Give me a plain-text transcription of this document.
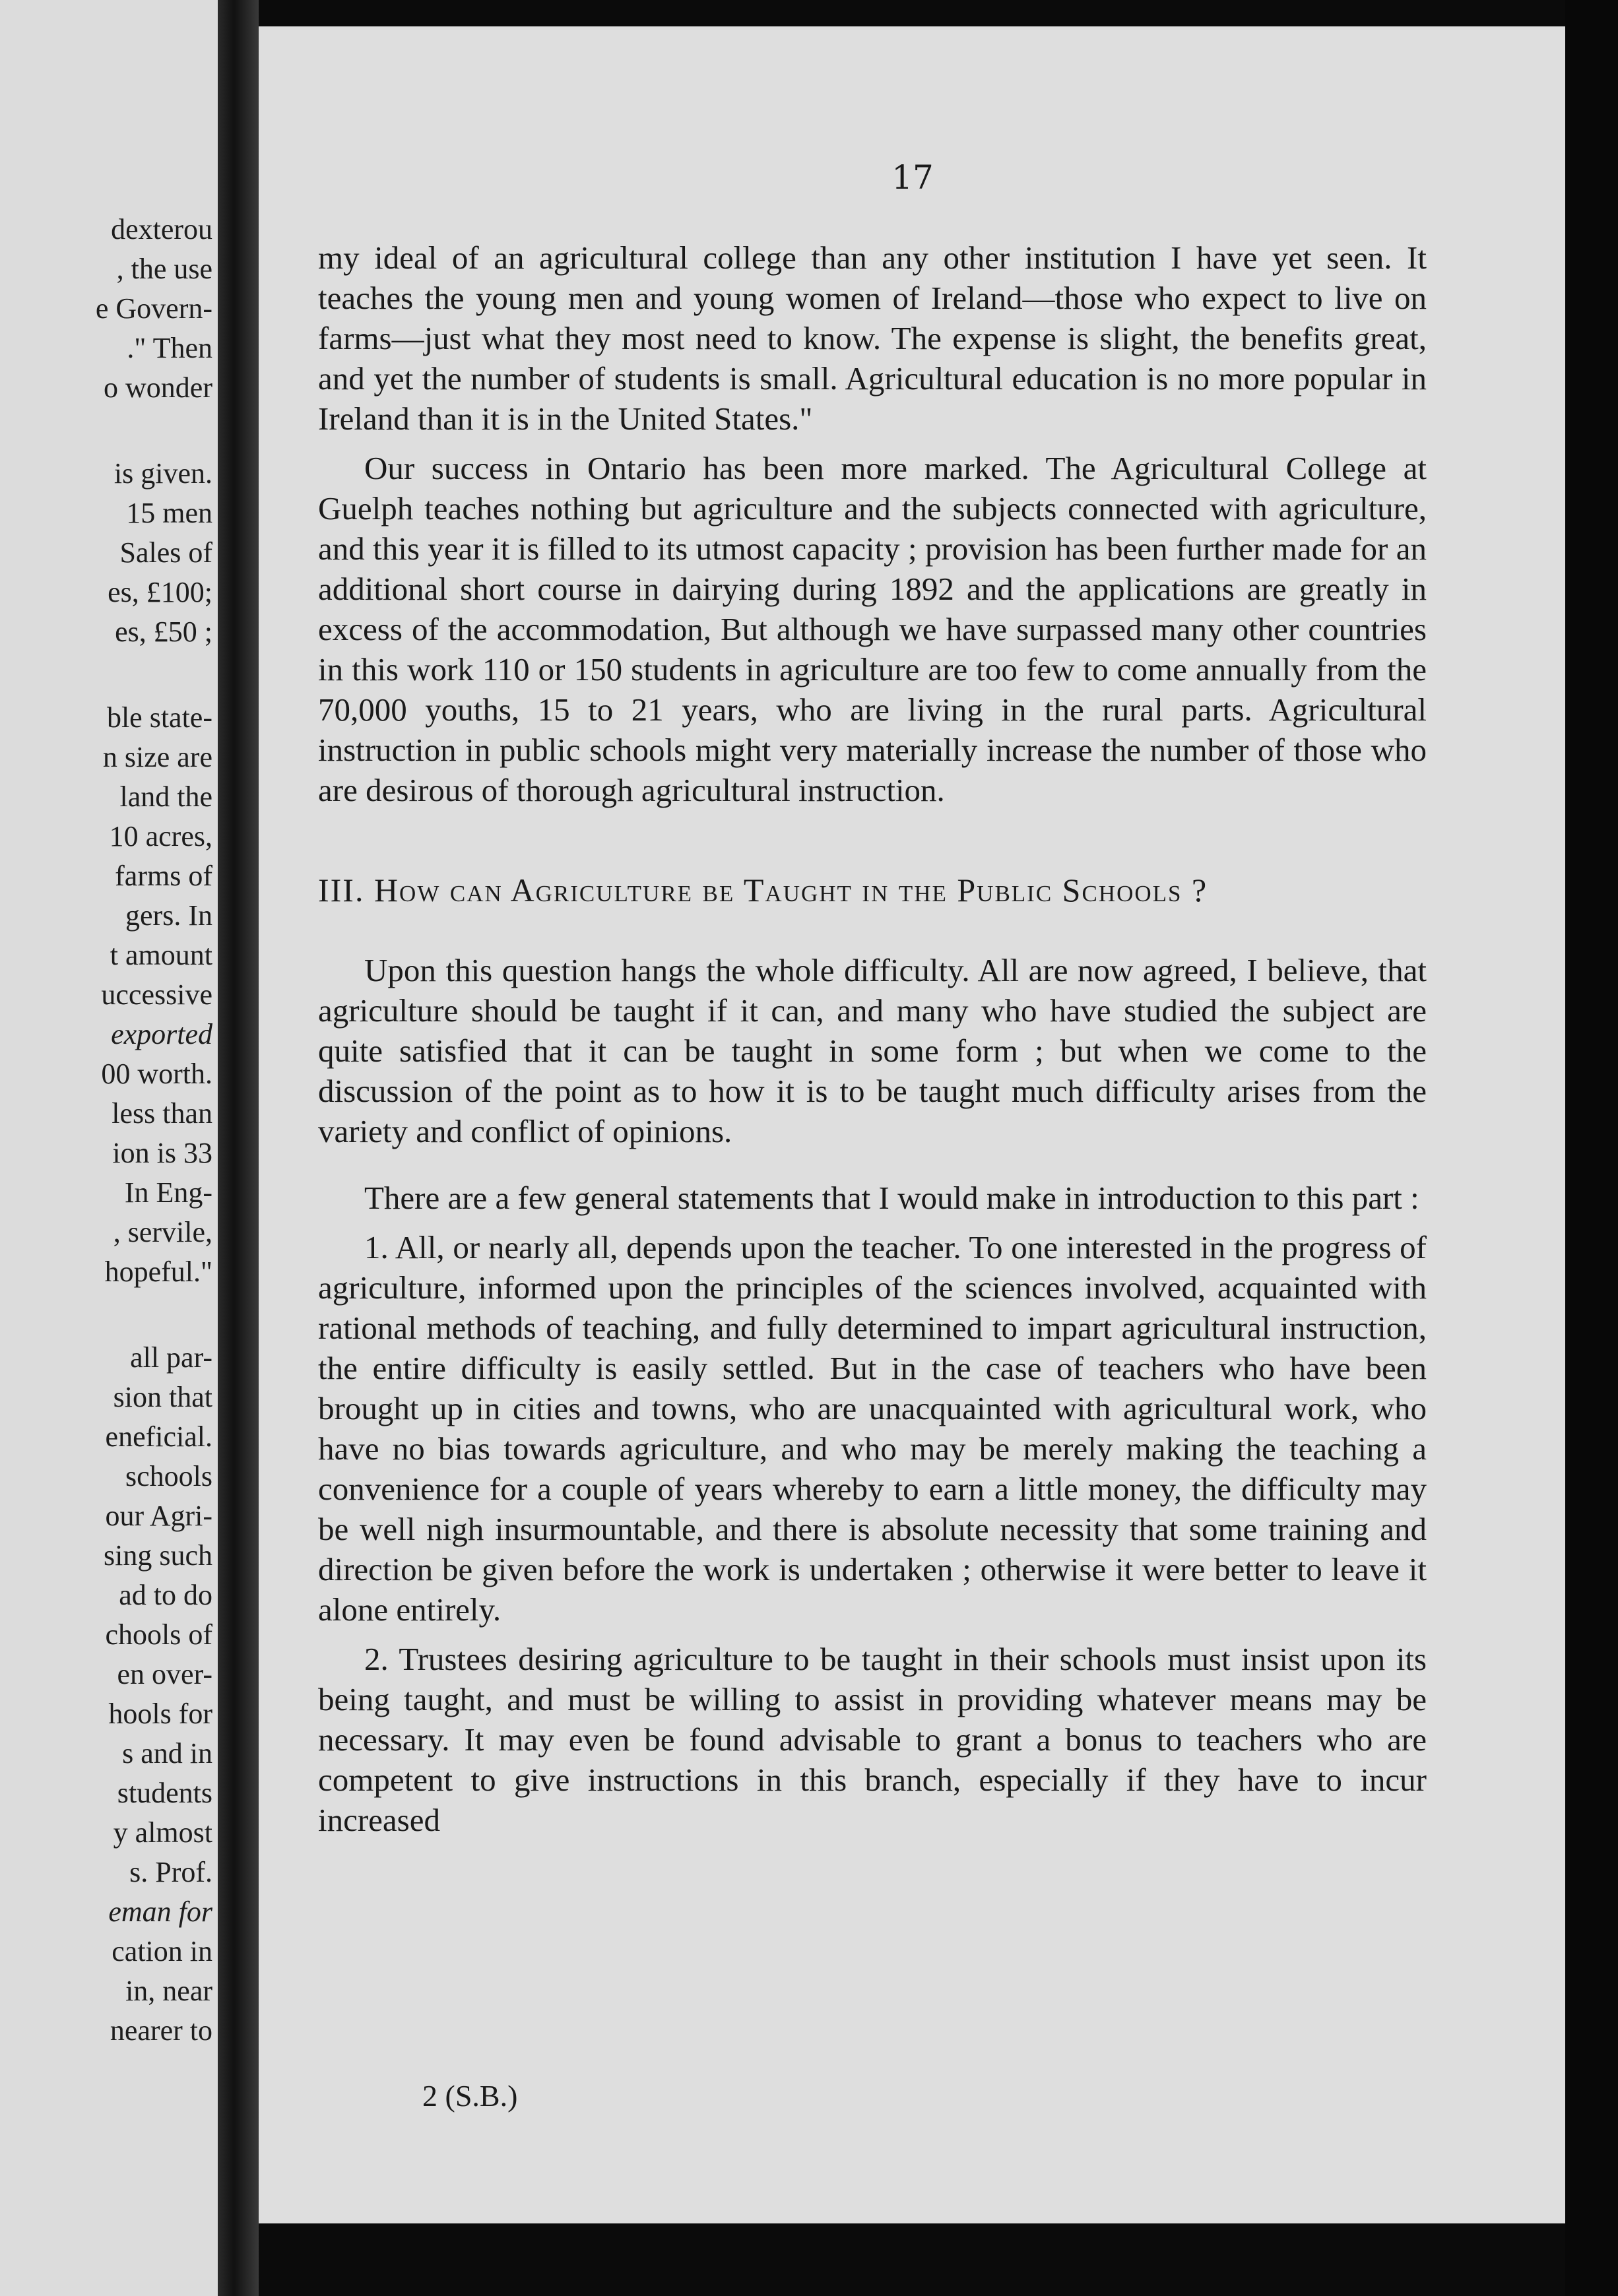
dexterou
, the use
e Govern-
." Then
o wonder
is given.
15 men
Sales of
es, £100;
es, £50 ;
ble state-
n size are
land the
10 acres,
farms of
gers. In
t amount
uccessive
exported
00 worth.
less than
ion is 33
In Eng-
, servile,
hopeful."
all par-
sion that
eneficial.
schools
our Agri-
sing such
ad to do
chools of
en over-
hools for
s and in
students
y almost
s. Prof.
eman for
cation in
in, near
nearer to
17

my ideal of an agricultural college than any other institution I have yet seen. It teaches the young men and young women of Ireland—those who expect to live on farms—just what they most need to know. The expense is slight, the benefits great, and yet the number of students is small. Agricultural education is no more popular in Ireland than it is in the United States."

Our success in Ontario has been more marked. The Agricultural College at Guelph teaches nothing but agriculture and the subjects connected with agriculture, and this year it is filled to its utmost capacity ; provision has been further made for an additional short course in dairying during 1892 and the applications are greatly in excess of the accommodation, But although we have surpassed many other countries in this work 110 or 150 students in agriculture are too few to come annually from the 70,000 youths, 15 to 21 years, who are living in the rural parts. Agricultural instruction in public schools might very materially increase the number of those who are desirous of thorough agricultural instruction.

III. How can Agriculture be Taught in the Public Schools ?

Upon this question hangs the whole difficulty. All are now agreed, I believe, that agriculture should be taught if it can, and many who have studied the subject are quite satisfied that it can be taught in some form ; but when we come to the discussion of the point as to how it is to be taught much difficulty arises from the variety and conflict of opinions.

There are a few general statements that I would make in introduction to this part :

1. All, or nearly all, depends upon the teacher. To one interested in the progress of agriculture, informed upon the principles of the sciences involved, acquainted with rational methods of teaching, and fully determined to impart agricultural instruction, the entire difficulty is easily settled. But in the case of teachers who have been brought up in cities and towns, who are unacquainted with agricultural work, who have no bias towards agriculture, and who may be merely making the teaching a convenience for a couple of years whereby to earn a little money, the difficulty may be well nigh insurmountable, and there is absolute necessity that some training and direction be given before the work is undertaken ; otherwise it were better to leave it alone entirely.

2. Trustees desiring agriculture to be taught in their schools must insist upon its being taught, and must be willing to assist in providing whatever means may be necessary. It may even be found advisable to grant a bonus to teachers who are competent to give instructions in this branch, especially if they have to incur increased

2 (S.B.)
